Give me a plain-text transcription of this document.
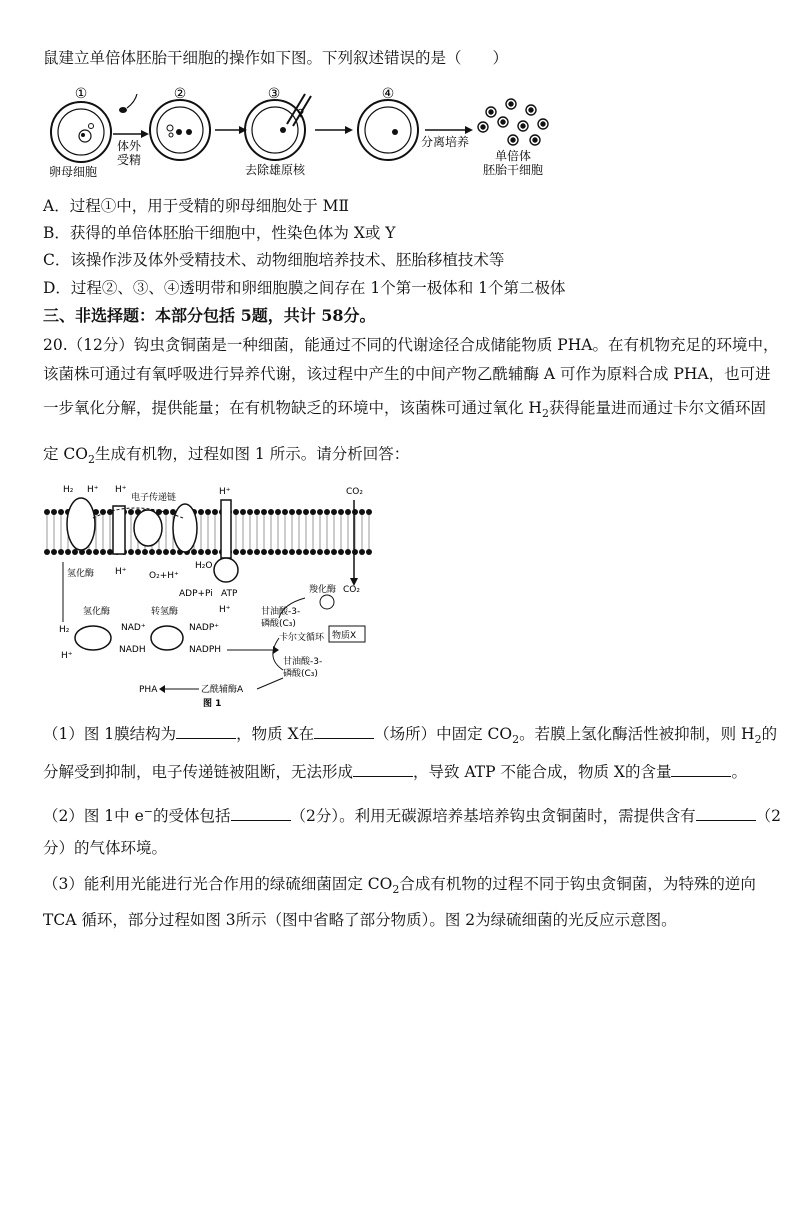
鼠建立单倍体胚胎干细胞的操作如下图。下列叙述错误的是（　　）
①	②	③	④
体外
受精
♀
去除雄原核
分离培养
单倍体
胚胎干细胞
卵母细胞
A．过程①中，用于受精的卵母细胞处于 MⅡ
B．获得的单倍体胚胎干细胞中，性染色体为 X或 Y
C．该操作涉及体外受精技术、动物细胞培养技术、胚胎移植技术等
D．过程②、③、④透明带和卵细胞膜之间存在 1个第一极体和 1个第二极体
三、非选择题：本部分包括 5题，共计 58分。
20.（12分）钩虫贪铜菌是一种细菌，能通过不同的代谢途径合成储能物质 PHA。在有机物充足的环境中，
该菌株可通过有氧呼吸进行异养代谢，该过程中产生的中间产物乙酰辅酶 A 可作为原料合成 PHA，也可进
一步氧化分解，提供能量；在有机物缺乏的环境中，该菌株可通过氧化 $H_2$获得能量进而通过卡尔文循环固
定 $CO_2$生成有机物，过程如图 1 所示。请分析回答：
H₂ H⁺
氢化酶
H⁺
电子传递链
H⁺ O₂+H⁺
H⁺
H₂O
ADP+Pi ATP
H⁺
CO₂
羧化酶 CO₂
甘油酸-3-
磷酸(C₃)
卡尔文循环 物质X
甘油酸-3-
磷酸(C₃)
H₂
氢化酶	转氢酶
NAD⁺
NADH
NADP⁺
NADPH
H⁺
PHA	乙酰辅酶A
图 1
（1）图 1膜结构为	，物质 X在	（场所）中固定 $CO_2$。若膜上氢化酶活性被抑制，则 $H_2$的
分解受到抑制，电子传递链被阻断，无法形成	，导致 ATP 不能合成，物质 X的含量	。
（2）图 1中 e−的受体包括	（2分）。利用无碳源培养基培养钩虫贪铜菌时，需提供含有	（2
分）的气体环境。
（3）能利用光能进行光合作用的绿硫细菌固定 $CO_2$合成有机物的过程不同于钩虫贪铜菌，为特殊的逆向
TCA 循环，部分过程如图 3所示（图中省略了部分物质）。图 2为绿硫细菌的光反应示意图。
